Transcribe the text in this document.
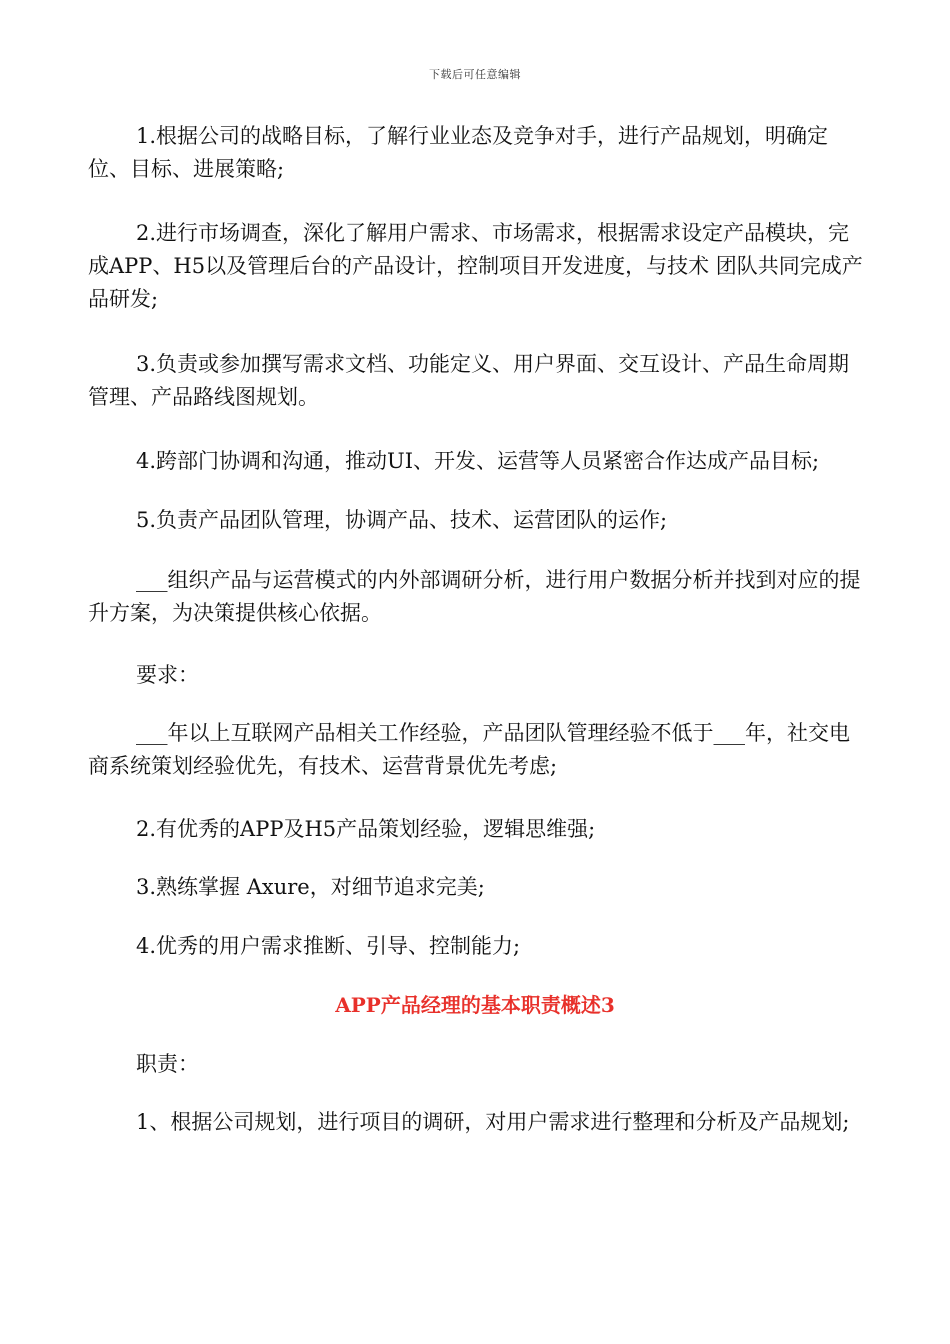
下载后可任意编辑

1.根据公司的战略目标，了解行业业态及竞争对手，进行产品规划，明确定位、目标、进展策略;

2.进行市场调查，深化了解用户需求、市场需求，根据需求设定产品模块，完成APP、H5以及管理后台的产品设计，控制项目开发进度，与技术 团队共同完成产品研发;

3.负责或参加撰写需求文档、功能定义、用户界面、交互设计、产品生命周期管理、产品路线图规划。

4.跨部门协调和沟通，推动UI、开发、运营等人员紧密合作达成产品目标;

5.负责产品团队管理，协调产品、技术、运营团队的运作;

___组织产品与运营模式的内外部调研分析，进行用户数据分析并找到对应的提升方案，为决策提供核心依据。

要求：

___年以上互联网产品相关工作经验，产品团队管理经验不低于___年，社交电商系统策划经验优先，有技术、运营背景优先考虑;

2.有优秀的APP及H5产品策划经验，逻辑思维强;

3.熟练掌握 Axure，对细节追求完美;

4.优秀的用户需求推断、引导、控制能力;

APP产品经理的基本职责概述3

职责：

1、根据公司规划，进行项目的调研，对用户需求进行整理和分析及产品规划;
